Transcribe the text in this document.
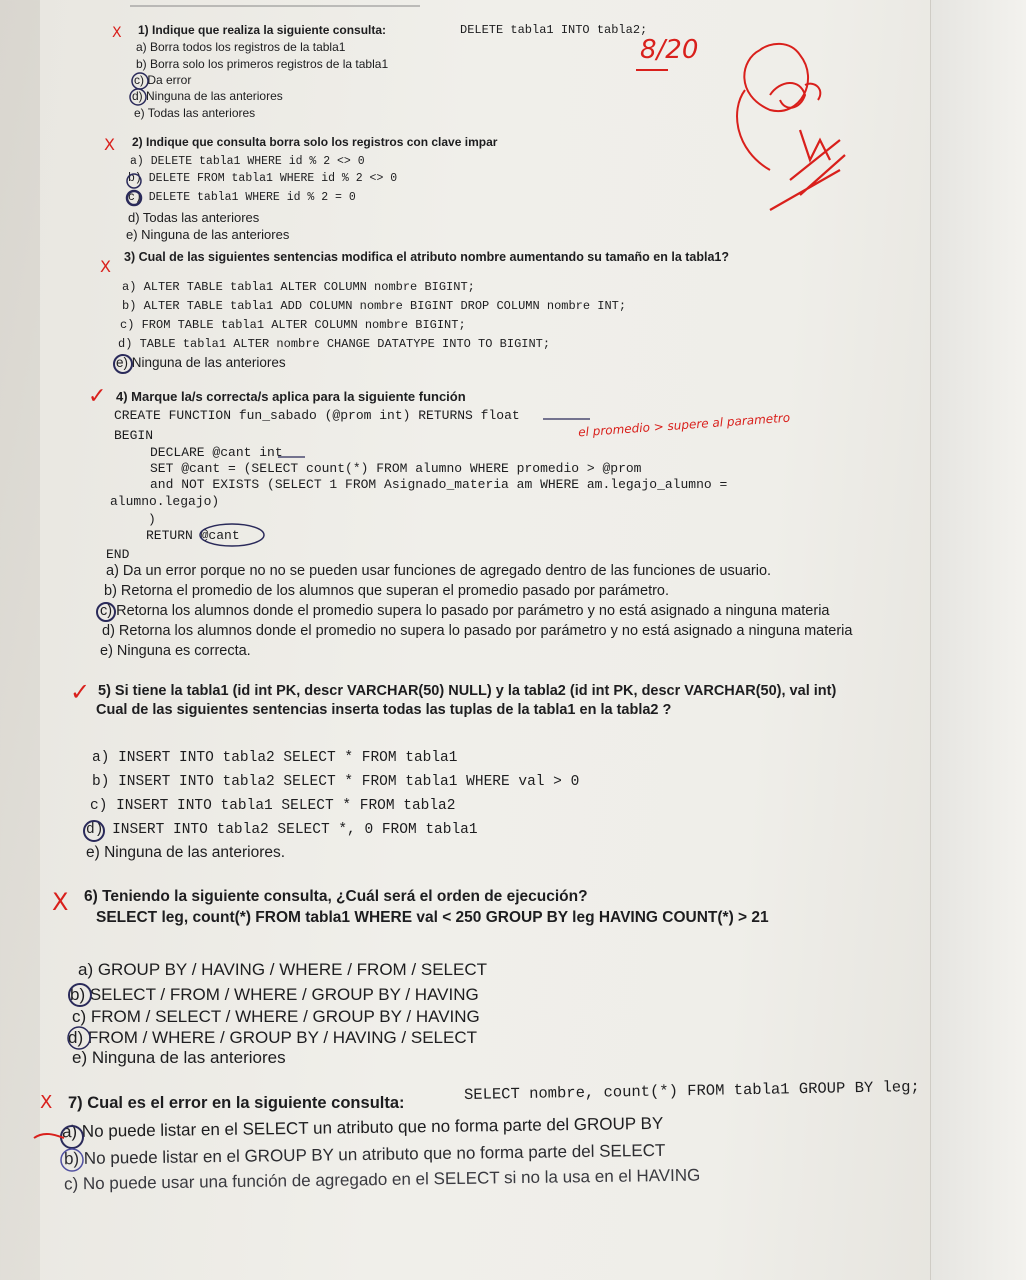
1) Indique que realiza la siguiente consulta:	DELETE tabla1 INTO tabla2;
a) Borra todos los registros de la tabla1
b) Borra solo los primeros registros de la tabla1
c) Da error
d) Ninguna de las anteriores
e) Todas las anteriores
2) Indique que consulta borra solo los registros con clave impar
a) DELETE tabla1 WHERE id % 2 <> 0
b) DELETE FROM tabla1 WHERE id % 2 <> 0
c) DELETE tabla1 WHERE id % 2 = 0
d) Todas las anteriores
e) Ninguna de las anteriores
3) Cual de las siguientes sentencias modifica el atributo nombre aumentando su tamaño en la tabla1?
a) ALTER TABLE tabla1 ALTER COLUMN nombre BIGINT;
b) ALTER TABLE tabla1 ADD COLUMN nombre BIGINT DROP COLUMN nombre INT;
c) FROM TABLE tabla1 ALTER COLUMN nombre BIGINT;
d) TABLE tabla1 ALTER nombre CHANGE DATATYPE INTO TO BIGINT;
e) Ninguna de las anteriores
4) Marque la/s correcta/s aplica para la siguiente función
CREATE FUNCTION fun_sabado (@prom int) RETURNS float
BEGIN
DECLARE @cant int
SET @cant = (SELECT count(*) FROM alumno WHERE promedio > @prom
and NOT EXISTS (SELECT 1 FROM Asignado_materia am WHERE am.legajo_alumno =
alumno.legajo)
)
RETURN @cant
END
a) Da un error porque no no se pueden usar funciones de agregado dentro de las funciones de usuario.
b) Retorna el promedio de los alumnos que superan el promedio pasado por parámetro.
c) Retorna los alumnos donde el promedio supera lo pasado por parámetro y no está asignado a ninguna materia
d) Retorna los alumnos donde el promedio no supera lo pasado por parámetro y no está asignado a ninguna materia
e) Ninguna es correcta.
5) Si tiene la tabla1 (id int PK, descr VARCHAR(50) NULL) y la tabla2 (id int PK, descr VARCHAR(50), val int)
Cual de las siguientes sentencias inserta todas las tuplas de la tabla1 en la tabla2 ?
a) INSERT INTO tabla2 SELECT * FROM tabla1
b) INSERT INTO tabla2 SELECT * FROM tabla1 WHERE val > 0
c) INSERT INTO tabla1 SELECT * FROM tabla2
d) INSERT INTO tabla2 SELECT *, 0 FROM tabla1
e) Ninguna de las anteriores.
6) Teniendo la siguiente consulta, ¿Cuál será el orden de ejecución?
SELECT leg, count(*) FROM tabla1 WHERE val < 250 GROUP BY leg HAVING COUNT(*) > 21
a) GROUP BY / HAVING / WHERE / FROM / SELECT
b) SELECT / FROM / WHERE / GROUP BY / HAVING
c) FROM / SELECT / WHERE / GROUP BY / HAVING
d) FROM / WHERE / GROUP BY / HAVING / SELECT
e) Ninguna de las anteriores
7) Cual es el error en la siguiente consulta:	SELECT nombre, count(*) FROM tabla1 GROUP BY leg;
a) No puede listar en el SELECT un atributo que no forma parte del GROUP BY
b) No puede listar en el GROUP BY un atributo que no forma parte del SELECT
c) No puede usar una función de agregado en el SELECT si no la usa en el HAVING
8/20
el promedio > supere al parametro
X
X
X
✓
✓
X
X
